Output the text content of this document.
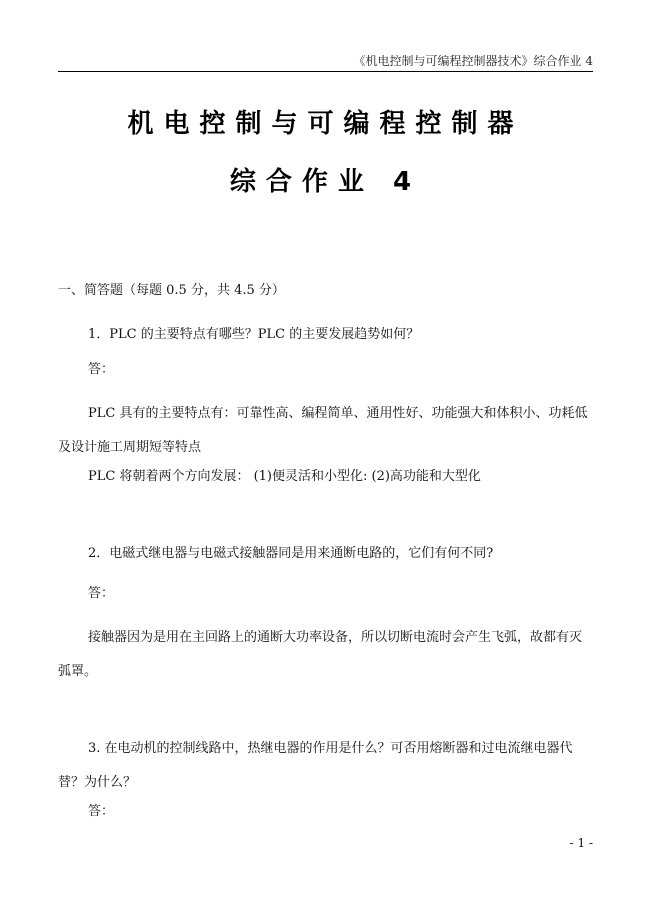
《机电控制与可编程控制器技术》综合作业 4
机电控制与可编程控制器
综合作业 4
一、简答题（每题 0.5 分，共 4.5 分）
1．PLC 的主要特点有哪些？PLC 的主要发展趋势如何？
答：
PLC 具有的主要特点有：可靠性高、编程简单、通用性好、功能强大和体积小、功耗低及设计施工周期短等特点
PLC 将朝着两个方向发展： (1)便灵活和小型化: (2)高功能和大型化
2．电磁式继电器与电磁式接触器同是用来通断电路的，它们有何不同?
答：
接触器因为是用在主回路上的通断大功率设备，所以切断电流时会产生飞弧，故都有灭弧罩。
3. 在电动机的控制线路中，热继电器的作用是什么？可否用熔断器和过电流继电器代替？为什么？
答：
- 1 -
